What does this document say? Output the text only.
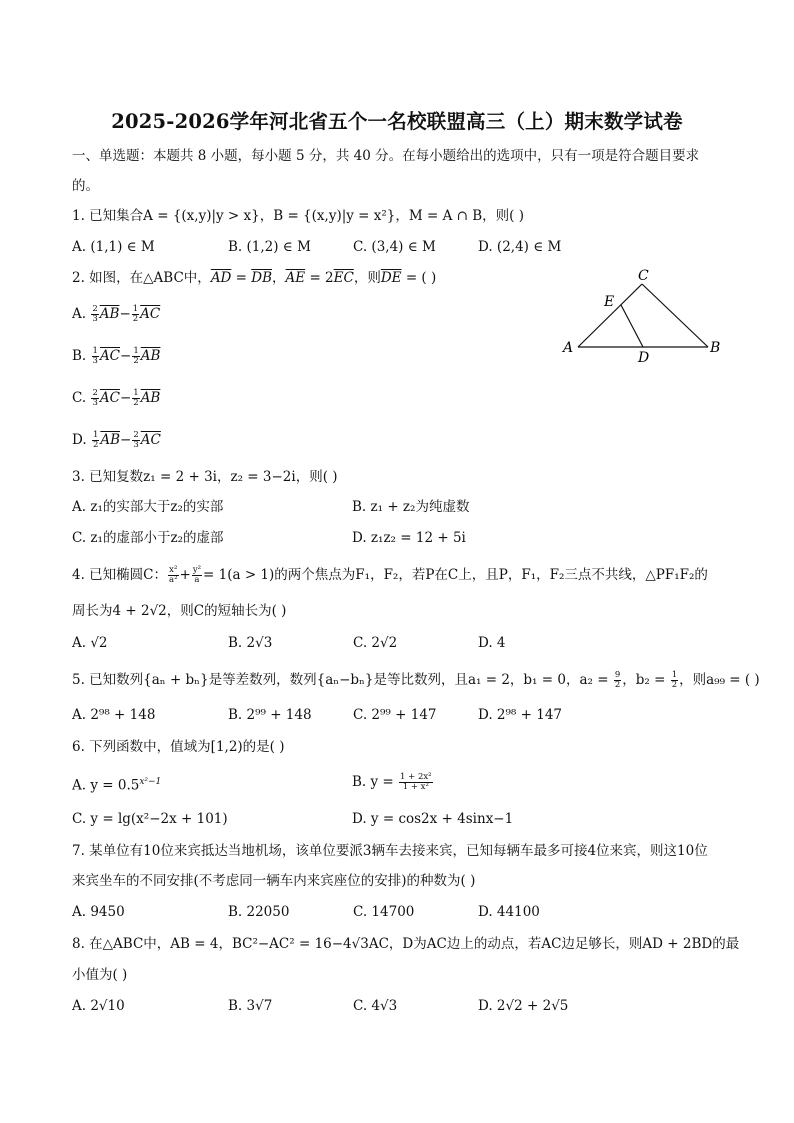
2025-2026学年河北省五个一名校联盟高三（上）期末数学试卷
一、单选题：本题共 8 小题，每小题 5 分，共 40 分。在每小题给出的选项中，只有一项是符合题目要求
的。
1. 已知集合A = {(x,y)|y > x}，B = {(x,y)|y = x²}，M = A ∩ B，则( )
A. (1,1) ∈ M	B. (1,2) ∈ M	C. (3,4) ∈ M	D. (2,4) ∈ M
2. 如图，在△ABC中，$\overline{AD} = \overline{DB}$，$\overline{AE} = 2\overline{EC}$，则$\overline{DE}$ = ( )
A. $\frac{2}{3} \overline{AB}- \frac{1}{2} \overline{AC}$
B. $\frac{1}{3} \overline{AC}- \frac{1}{2} \overline{AB}$
C. $\frac{2}{3} \overline{AC}- \frac{1}{2} \overline{AB}$
D. $\frac{1}{2} \overline{AB}- \frac{2}{3} \overline{AC}$
A	B
C
D
E
3. 已知复数z₁ = 2 + 3i，z₂ = 3−2i，则( )
A. z₁的实部大于z₂的实部	B. z₁ + z₂为纯虚数
C. z₁的虚部小于z₂的虚部	D. z₁z₂ = 12 + 5i
4. 已知椭圆C： $\frac{\text{x²}}{\text{a²}} + \frac{\text{y²}}{a} = 1(a > 1)$的两个焦点为F₁，F₂，若P在C上，且P，F₁，F₂三点不共线，△PF₁F₂的
周长为4 + 2√2，则C的短轴长为( )
A. √2	B. 2√3	C. 2√2	D. 4
5. 已知数列{aₙ + bₙ}是等差数列，数列{aₙ−bₙ}是等比数列，且a₁ = 2，b₁ = 0，$a_2 = \frac{9}{2}$ ，$b_2 = \frac{1}{2}$ ，则a₉₉ = ( )
A. 2⁹⁸ + 148	B. 2⁹⁹ + 148	C. 2⁹⁹ + 147	D. 2⁹⁸ + 147
6. 下列函数中，值域为[1,2)的是( )
A. $y = 0.5^{x^2-1}$	B. $y = \frac{\text{1 + 2x²}}{\text{1 + x²}}$
C. y = lg(x²−2x + 101)	D. y = cos2x + 4sinx−1
7. 某单位有10位来宾抵达当地机场，该单位要派3辆车去接来宾，已知每辆车最多可接4位来宾，则这10位
来宾坐车的不同安排(不考虑同一辆车内来宾座位的安排)的种数为( )
A. 9450	B. 22050	C. 14700	D. 44100
8. 在△ABC中，AB = 4，BC²−AC² = 16−4√3AC，D为AC边上的动点，若AC边足够长，则AD + 2BD的最
小值为( )
A. 2√10	B. 3√7	C. 4√3	D. 2√2 + 2√5
